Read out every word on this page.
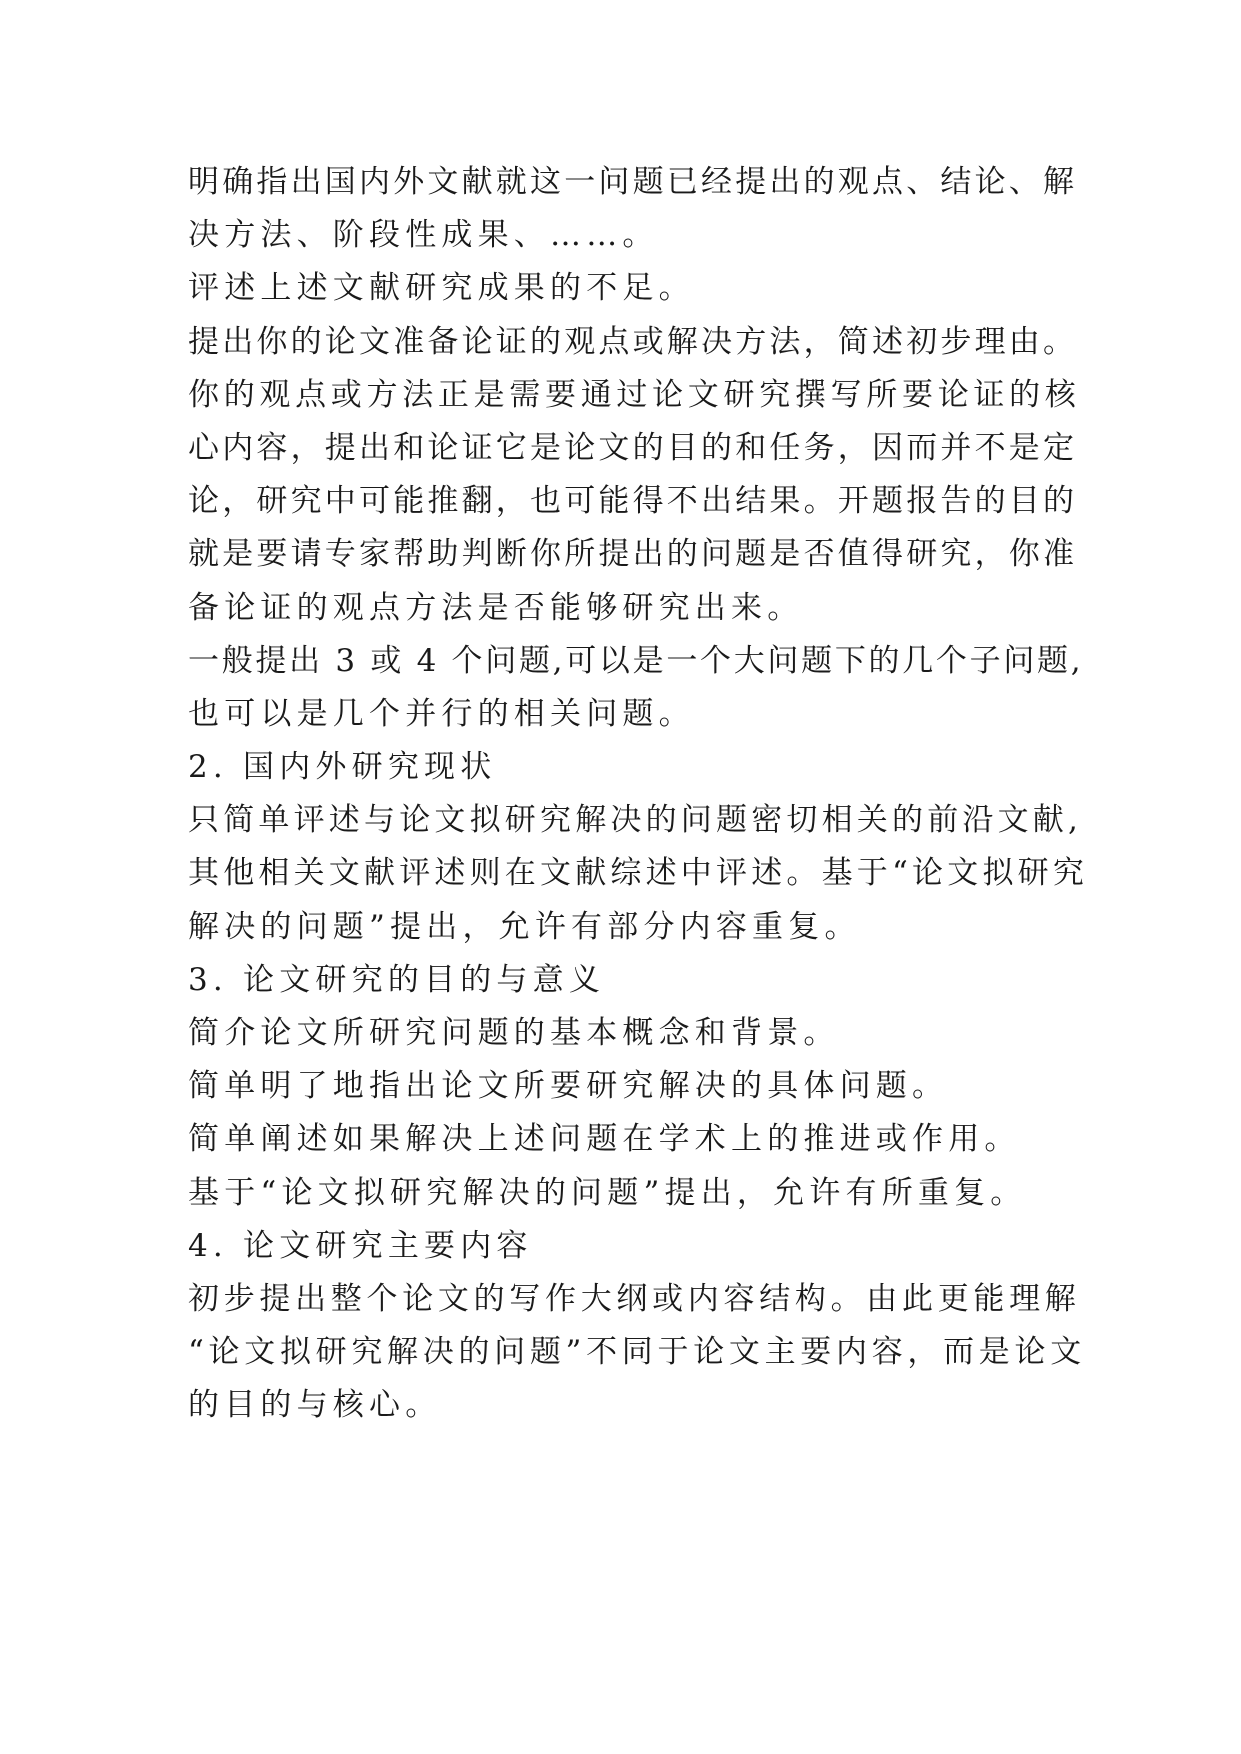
明确指出国内外文献就这一问题已经提出的观点、结论、解

决方法、阶段性成果、……。

评述上述文献研究成果的不足。

提出你的论文准备论证的观点或解决方法，简述初步理由。

你的观点或方法正是需要通过论文研究撰写所要论证的核

心内容，提出和论证它是论文的目的和任务，因而并不是定

论，研究中可能推翻，也可能得不出结果。开题报告的目的

就是要请专家帮助判断你所提出的问题是否值得研究，你准

备论证的观点方法是否能够研究出来。

一般提出 3 或 4 个问题,可以是一个大问题下的几个子问题,

也可以是几个并行的相关问题。

2. 国内外研究现状

只简单评述与论文拟研究解决的问题密切相关的前沿文献,

其他相关文献评述则在文献综述中评述。基于“论文拟研究

解决的问题”提出，允许有部分内容重复。

3. 论文研究的目的与意义

简介论文所研究问题的基本概念和背景。

简单明了地指出论文所要研究解决的具体问题。

简单阐述如果解决上述问题在学术上的推进或作用。

基于“论文拟研究解决的问题”提出，允许有所重复。

4. 论文研究主要内容

初步提出整个论文的写作大纲或内容结构。由此更能理解

“论文拟研究解决的问题”不同于论文主要内容，而是论文

的目的与核心。
